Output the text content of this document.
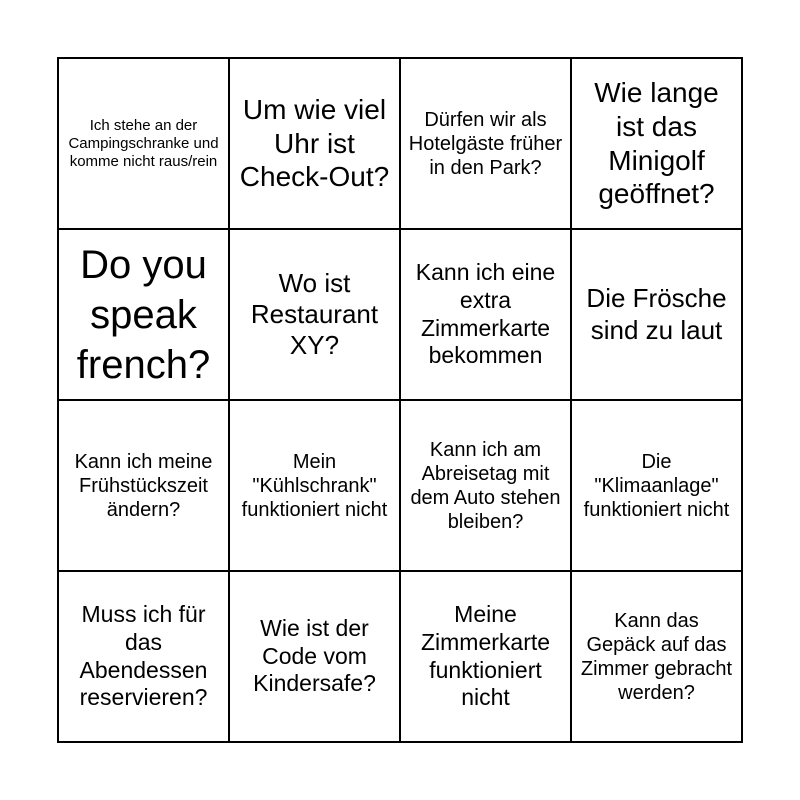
Ich stehe an der Campingschranke und komme nicht raus/rein
Um wie viel Uhr ist Check-Out?
Dürfen wir als Hotelgäste früher in den Park?
Wie lange ist das Minigolf geöffnet?
Do you speak french?
Wo ist Restaurant XY?
Kann ich eine extra Zimmerkarte bekommen
Die Frösche sind zu laut
Kann ich meine Frühstückszeit ändern?
Mein "Kühlschrank" funktioniert nicht
Kann ich am Abreisetag mit dem Auto stehen bleiben?
Die "Klimaanlage" funktioniert nicht
Muss ich für das Abendessen reservieren?
Wie ist der Code vom Kindersafe?
Meine Zimmerkarte funktioniert nicht
Kann das Gepäck auf das Zimmer gebracht werden?
